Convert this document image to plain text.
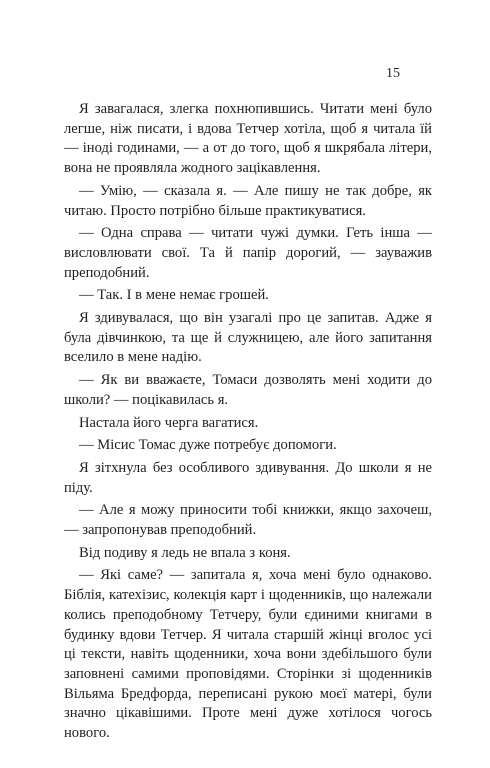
15

Я завагалася, злегка похнюпившись. Читати мені було легше, ніж писати, і вдова Тетчер хотіла, щоб я читала їй — іноді годинами, — а от до того, щоб я шкрябала літери, вона не проявляла жодного зацікавлення.

— Умію, — сказала я. — Але пишу не так добре, як читаю. Просто потрібно більше практикуватися.

— Одна справа — читати чужі думки. Геть інша — висловлювати свої. Та й папір дорогий, — зауважив преподобний.

— Так. І в мене немає грошей.

Я здивувалася, що він узагалі про це запитав. Адже я була дівчинкою, та ще й служницею, але його запитання вселило в мене надію.

— Як ви вважаєте, Томаси дозволять мені ходити до школи? — поцікавилась я.

Настала його черга вагатися.

— Місис Томас дуже потребує допомоги.

Я зітхнула без особливого здивування. До школи я не піду.

— Але я можу приносити тобі книжки, якщо захочеш, — запропонував преподобний.

Від подиву я ледь не впала з коня.

— Які саме? — запитала я, хоча мені було однаково. Біблія, катехізис, колекція карт і щоденників, що належали колись преподобному Тетчеру, були єдиними книгами в будинку вдови Тетчер. Я читала старшій жінці вголос усі ці тексти, навіть щоденники, хоча вони здебільшого були заповнені самими проповідями. Сторінки зі щоденників Вільяма Бредфорда, переписані рукою моєї матері, були значно цікавішими. Проте мені дуже хотілося чогось нового.
